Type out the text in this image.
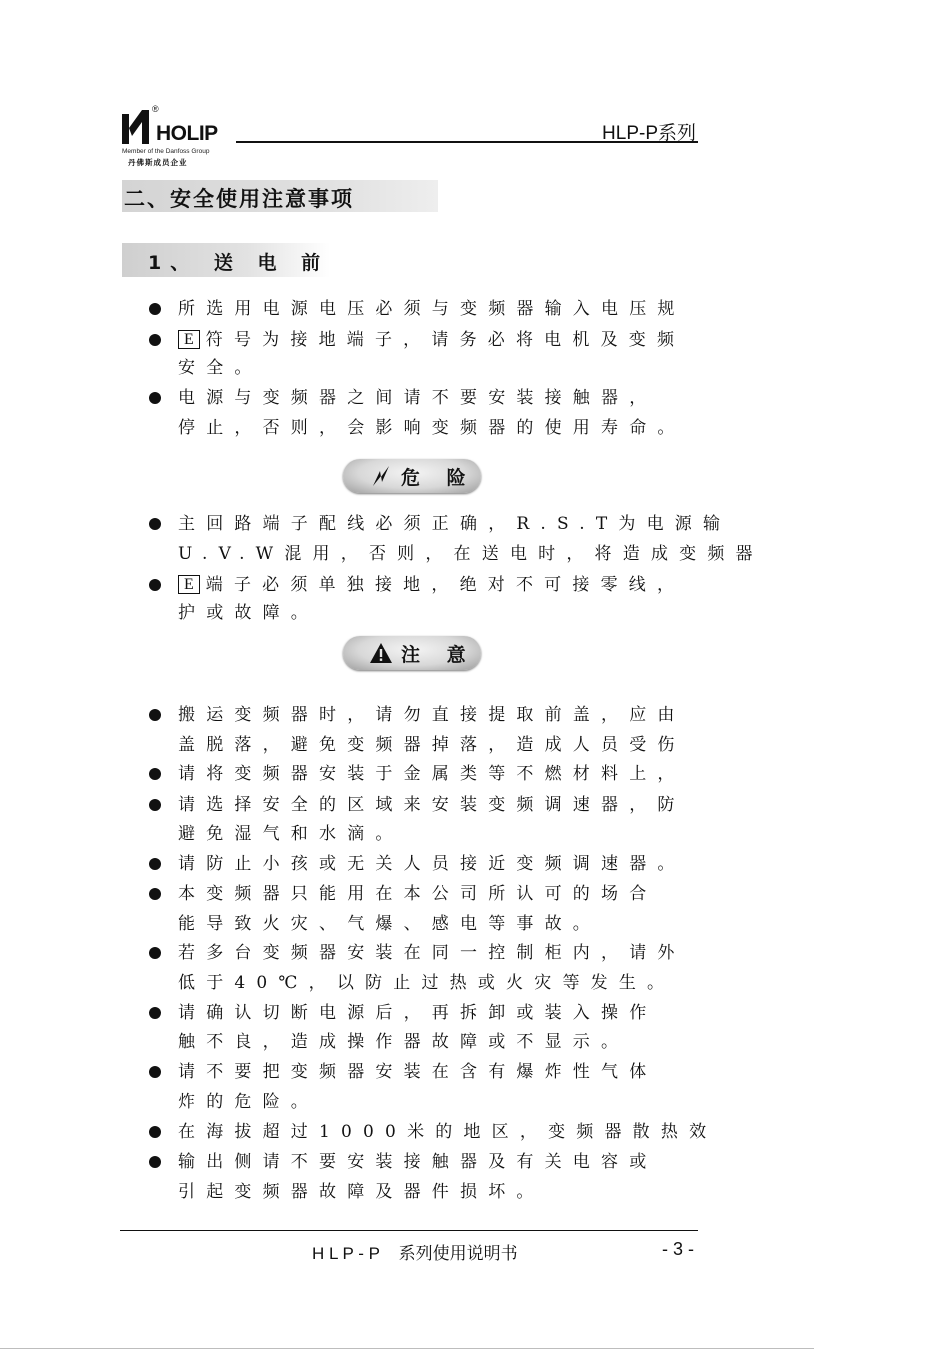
®
HOLIP
Member of the Danfoss Group
丹佛斯成员企业
HLP-P系列
二、安全使用注意事项
1、 送 电 前
所选用电源电压必须与变频器输入电压规
E 符号为接地端子，请务必将电机及变频
安全。
电源与变频器之间请不要安装接触器，
停止，否则，会影响变频器的使用寿命。
危 险
主回路端子配线必须正确，R.S.T为电源输
U.V.W混用，否则，在送电时，将造成变频器
E 端子必须单独接地，绝对不可接零线，
护或故障。
注 意
搬运变频器时，请勿直接提取前盖，应由
盖脱落，避免变频器掉落，造成人员受伤
请将变频器安装于金属类等不燃材料上，
请选择安全的区域来安装变频调速器，防
避免湿气和水滴。
请防止小孩或无关人员接近变频调速器。
本变频器只能用在本公司所认可的场合
能导致火灾、气爆、感电等事故。
若多台变频器安装在同一控制柜内，请外
低于40℃，以防止过热或火灾等发生。
请确认切断电源后，再拆卸或装入操作
触不良，造成操作器故障或不显示。
请不要把变频器安装在含有爆炸性气体
炸的危险。
在海拔超过1000米的地区，变频器散热效
输出侧请不要安装接触器及有关电容或
引起变频器故障及器件损坏。
H L P - P    系列使用说明书	- 3 -
